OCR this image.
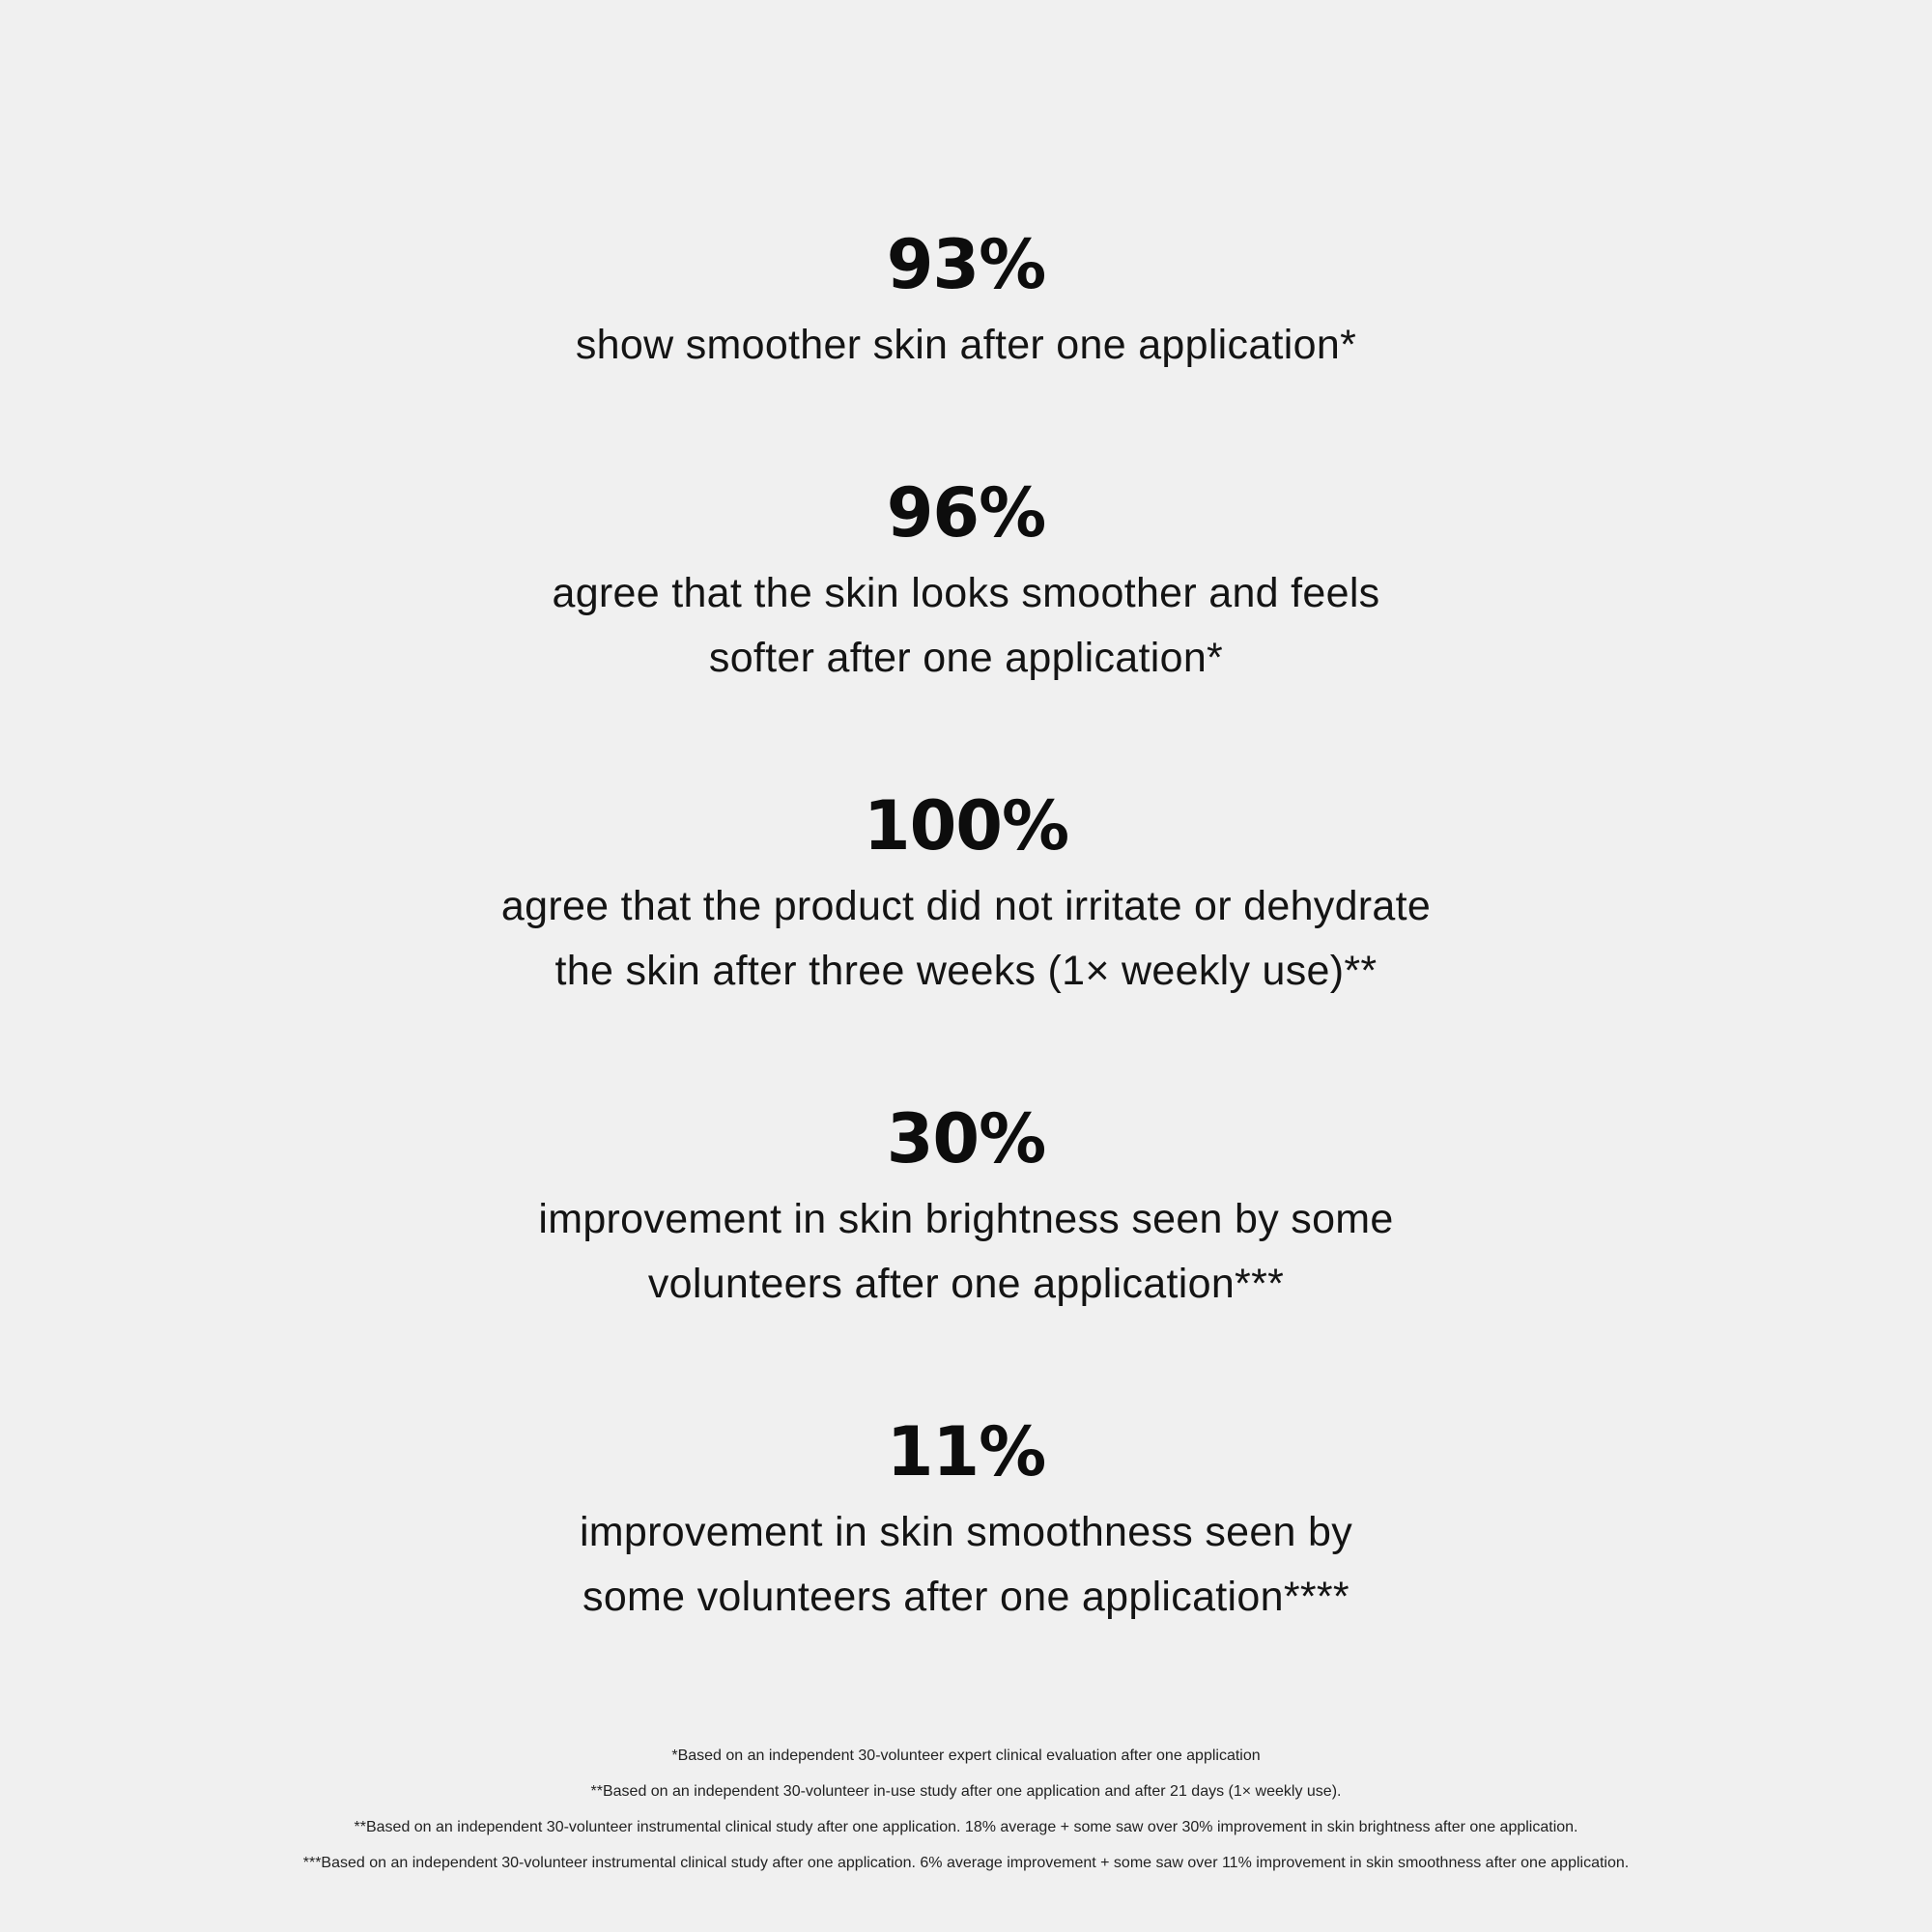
93%
show smoother skin after one application*
96%
agree that the skin looks smoother and feels
softer after one application*
100%
agree that the product did not irritate or dehydrate
the skin after three weeks (1× weekly use)**
30%
improvement in skin brightness seen by some
volunteers after one application***
11%
improvement in skin smoothness seen by
some volunteers after one application****
*Based on an independent 30-volunteer expert clinical evaluation after one application
**Based on an independent 30-volunteer in-use study after one application and after 21 days (1× weekly use).
**Based on an independent 30-volunteer instrumental clinical study after one application. 18% average + some saw over 30% improvement in skin brightness after one application.
***Based on an independent 30-volunteer instrumental clinical study after one application. 6% average improvement + some saw over 11% improvement in skin smoothness after one application.
